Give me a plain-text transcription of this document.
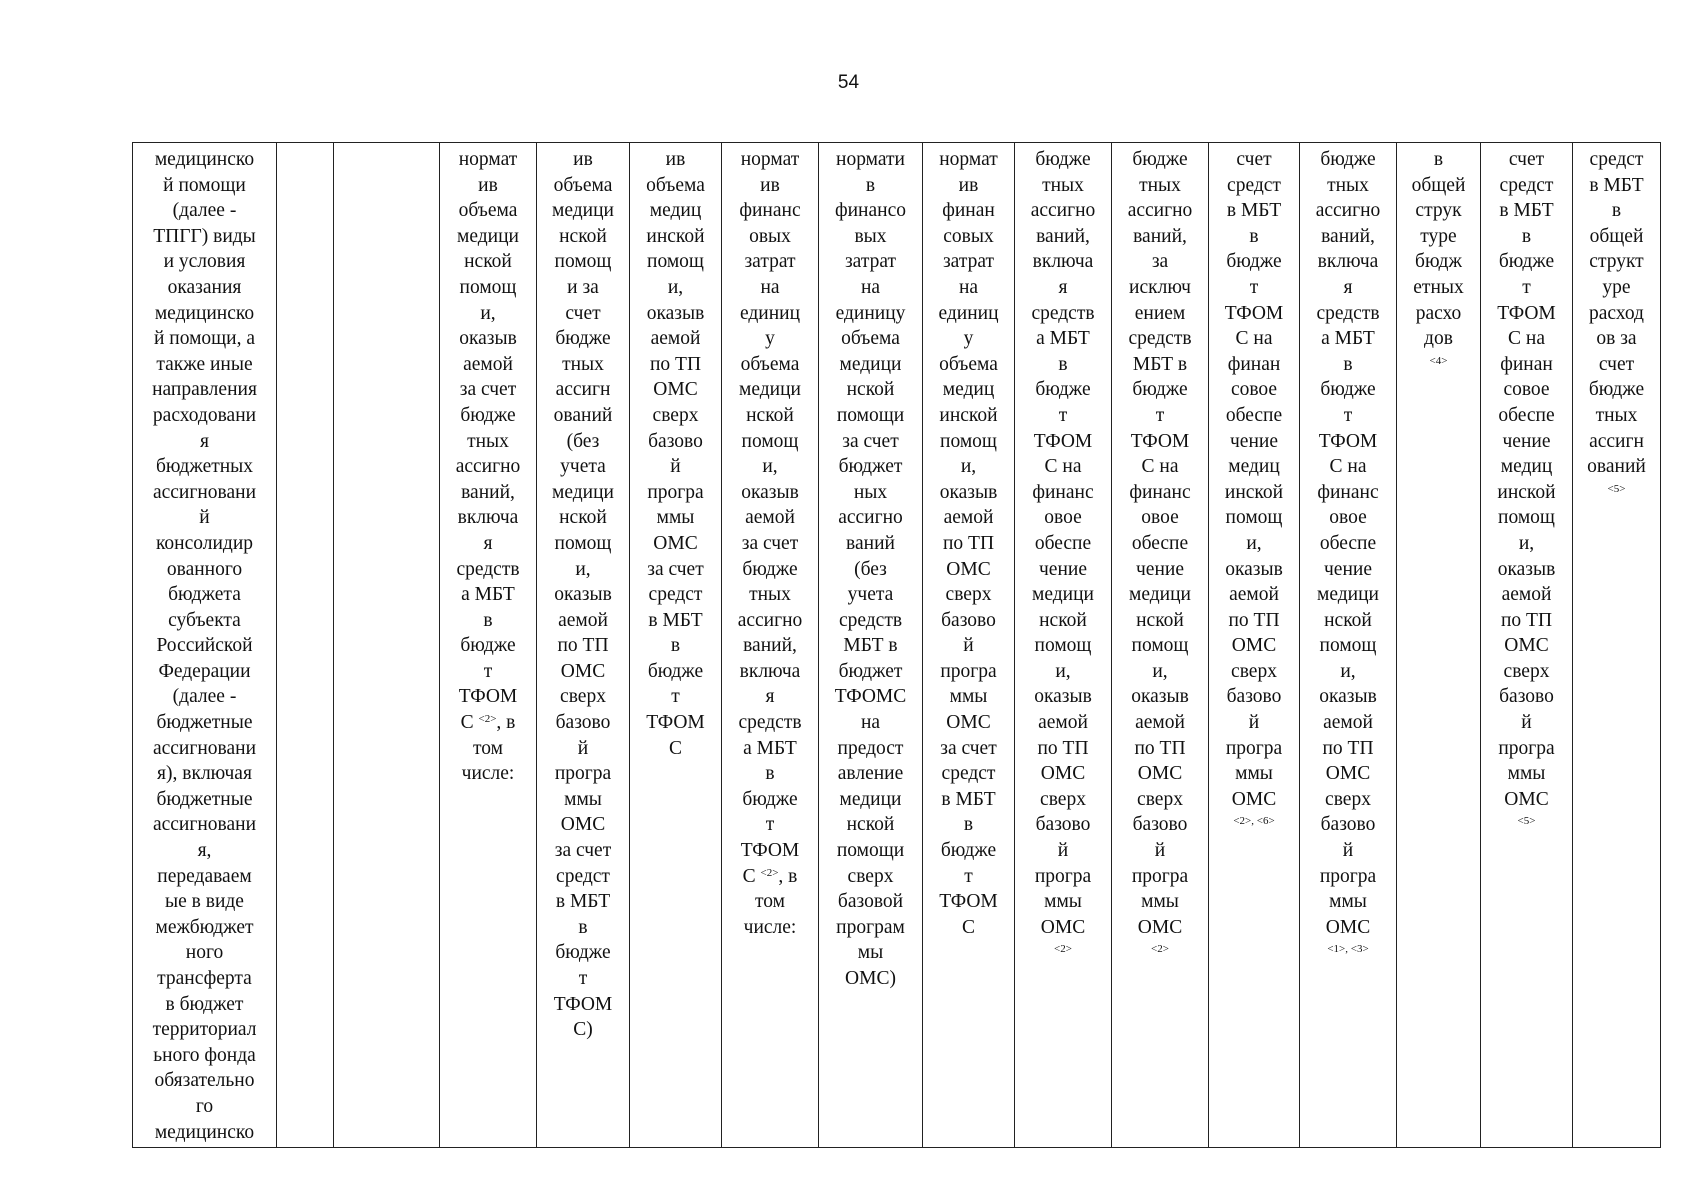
54
медицинско
й помощи
(далее -
ТПГГ) виды
и условия
оказания
медицинско
й помощи, а
также иные
направления
расходовани
я
бюджетных
ассигновани
й
консолидир
ованного
бюджета
субъекта
Российской
Федерации
(далее -
бюджетные
ассигновани
я), включая
бюджетные
ассигновани
я,
передаваем
ые в виде
межбюджет
ного
трансферта
в бюджет
территориал
ьного фонда
обязательно
го
медицинско			нормат
ив
объема
медици
нской
помощ
и,
оказыв
аемой
за счет
бюдже
тных
ассигно
ваний,
включа
я
средств
а МБТ
в
бюдже
т
ТФОМ
С $^{<2>}$, в
том
числе:	ив
объема
медици
нской
помощ
и за
счет
бюдже
тных
ассигн
ований
(без
учета
медици
нской
помощ
и,
оказыв
аемой
по ТП
ОМС
сверх
базово
й
програ
ммы
ОМС
за счет
средст
в МБТ
в
бюдже
т
ТФОМ
С)	ив
объема
медиц
инской
помощ
и,
оказыв
аемой
по ТП
ОМС
сверх
базово
й
програ
ммы
ОМС
за счет
средст
в МБТ
в
бюдже
т
ТФОМ
С	нормат
ив
финанс
овых
затрат
на
единиц
у
объема
медици
нской
помощ
и,
оказыв
аемой
за счет
бюдже
тных
ассигно
ваний,
включа
я
средств
а МБТ
в
бюдже
т
ТФОМ
С $^{<2>}$, в
том
числе:	нормати
в
финансо
вых
затрат
на
единицу
объема
медици
нской
помощи
за счет
бюджет
ных
ассигно
ваний
(без
учета
средств
МБТ в
бюджет
ТФОМС
на
предост
авление
медици
нской
помощи
сверх
базовой
програм
мы
ОМС)	нормат
ив
финан
совых
затрат
на
единиц
у
объема
медиц
инской
помощ
и,
оказыв
аемой
по ТП
ОМС
сверх
базово
й
програ
ммы
ОМС
за счет
средст
в МБТ
в
бюдже
т
ТФОМ
С	бюдже
тных
ассигно
ваний,
включа
я
средств
а МБТ
в
бюдже
т
ТФОМ
С на
финанс
овое
обеспе
чение
медици
нской
помощ
и,
оказыв
аемой
по ТП
ОМС
сверх
базово
й
програ
ммы
ОМС
$^{<2>}$	бюдже
тных
ассигно
ваний,
за
исключ
ением
средств
МБТ в
бюдже
т
ТФОМ
С на
финанс
овое
обеспе
чение
медици
нской
помощ
и,
оказыв
аемой
по ТП
ОМС
сверх
базово
й
програ
ммы
ОМС
$^{<2>}$	счет
средст
в МБТ
в
бюдже
т
ТФОМ
С на
финан
совое
обеспе
чение
медиц
инской
помощ
и,
оказыв
аемой
по ТП
ОМС
сверх
базово
й
програ
ммы
ОМС
$^{<2>, <6>}$	бюдже
тных
ассигно
ваний,
включа
я
средств
а МБТ
в
бюдже
т
ТФОМ
С на
финанс
овое
обеспе
чение
медици
нской
помощ
и,
оказыв
аемой
по ТП
ОМС
сверх
базово
й
програ
ммы
ОМС
$^{<1>, <3>}$	в
общей
струк
туре
бюдж
етных
расхо
дов
$^{<4>}$	счет
средст
в МБТ
в
бюдже
т
ТФОМ
С на
финан
совое
обеспе
чение
медиц
инской
помощ
и,
оказыв
аемой
по ТП
ОМС
сверх
базово
й
програ
ммы
ОМС
$^{<5>}$	средст
в МБТ
в
общей
структ
уре
расход
ов за
счет
бюдже
тных
ассигн
ований
$^{<5>}$
